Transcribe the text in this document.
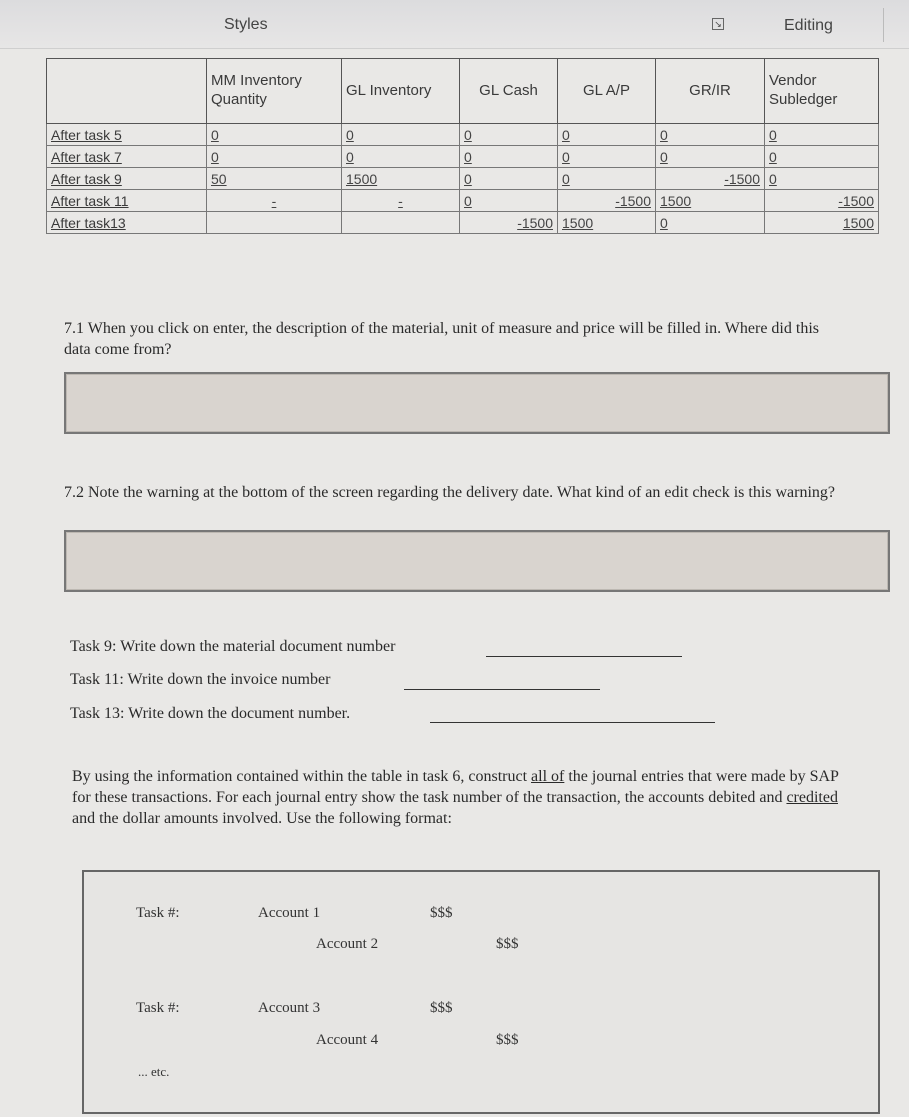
Styles	↘	Editing
	MM Inventory Quantity	GL Inventory	GL Cash	GL A/P	GR/IR	Vendor Subledger
After task 5	0	0	0	0	0	0
After task 7	0	0	0	0	0	0
After task 9	50	1500	0	0	-1500	0
After task 11	-	-	0	-1500	1500	-1500
After task13			-1500	1500	0	1500
7.1 When you click on enter, the description of the material, unit of measure and price will be filled in. Where did this data come from?
7.2 Note the warning at the bottom of the screen regarding the delivery date. What kind of an edit check is this warning?
Task 9: Write down the material document number
Task 11: Write down the invoice number
Task 13: Write down the document number.
By using the information contained within the table in task 6, construct all of the journal entries that were made by SAP for these transactions. For each journal entry show the task number of the transaction, the accounts debited and credited and the dollar amounts involved. Use the following format:
Task #:	Account 1	$$$
Account 2	$$$
Task #:	Account 3	$$$
Account 4	$$$
... etc.
